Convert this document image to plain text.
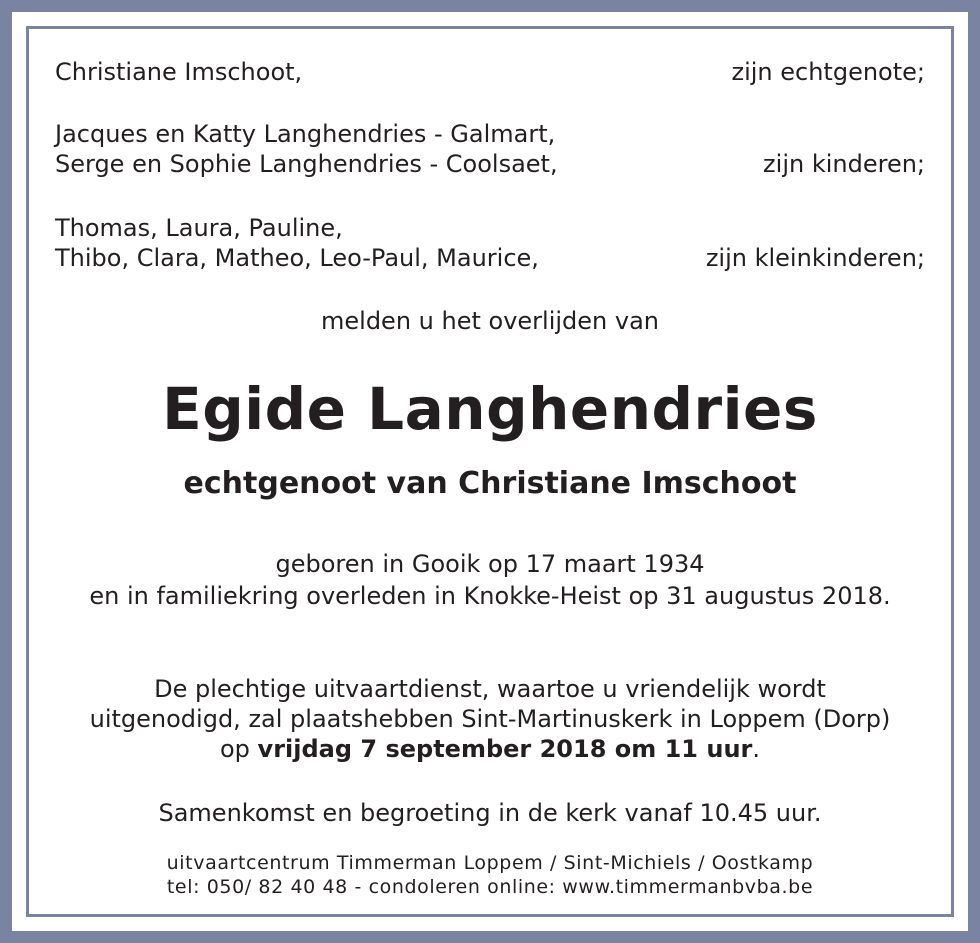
Christiane Imschoot,	zijn echtgenote;
Jacques en Katty Langhendries - Galmart,
Serge en Sophie Langhendries - Coolsaet,	zijn kinderen;
Thomas, Laura, Pauline,
Thibo, Clara, Matheo, Leo-Paul, Maurice,	zijn kleinkinderen;
melden u het overlijden van
Egide Langhendries
echtgenoot van Christiane Imschoot
geboren in Gooik op 17 maart 1934
en in familiekring overleden in Knokke-Heist op 31 augustus 2018.
De plechtige uitvaartdienst, waartoe u vriendelijk wordt
uitgenodigd, zal plaatshebben Sint-Martinuskerk in Loppem (Dorp)
op vrijdag 7 september 2018 om 11 uur.
Samenkomst en begroeting in de kerk vanaf 10.45 uur.
uitvaartcentrum Timmerman Loppem / Sint-Michiels / Oostkamp
tel: 050/ 82 40 48 - condoleren online: www.timmermanbvba.be
